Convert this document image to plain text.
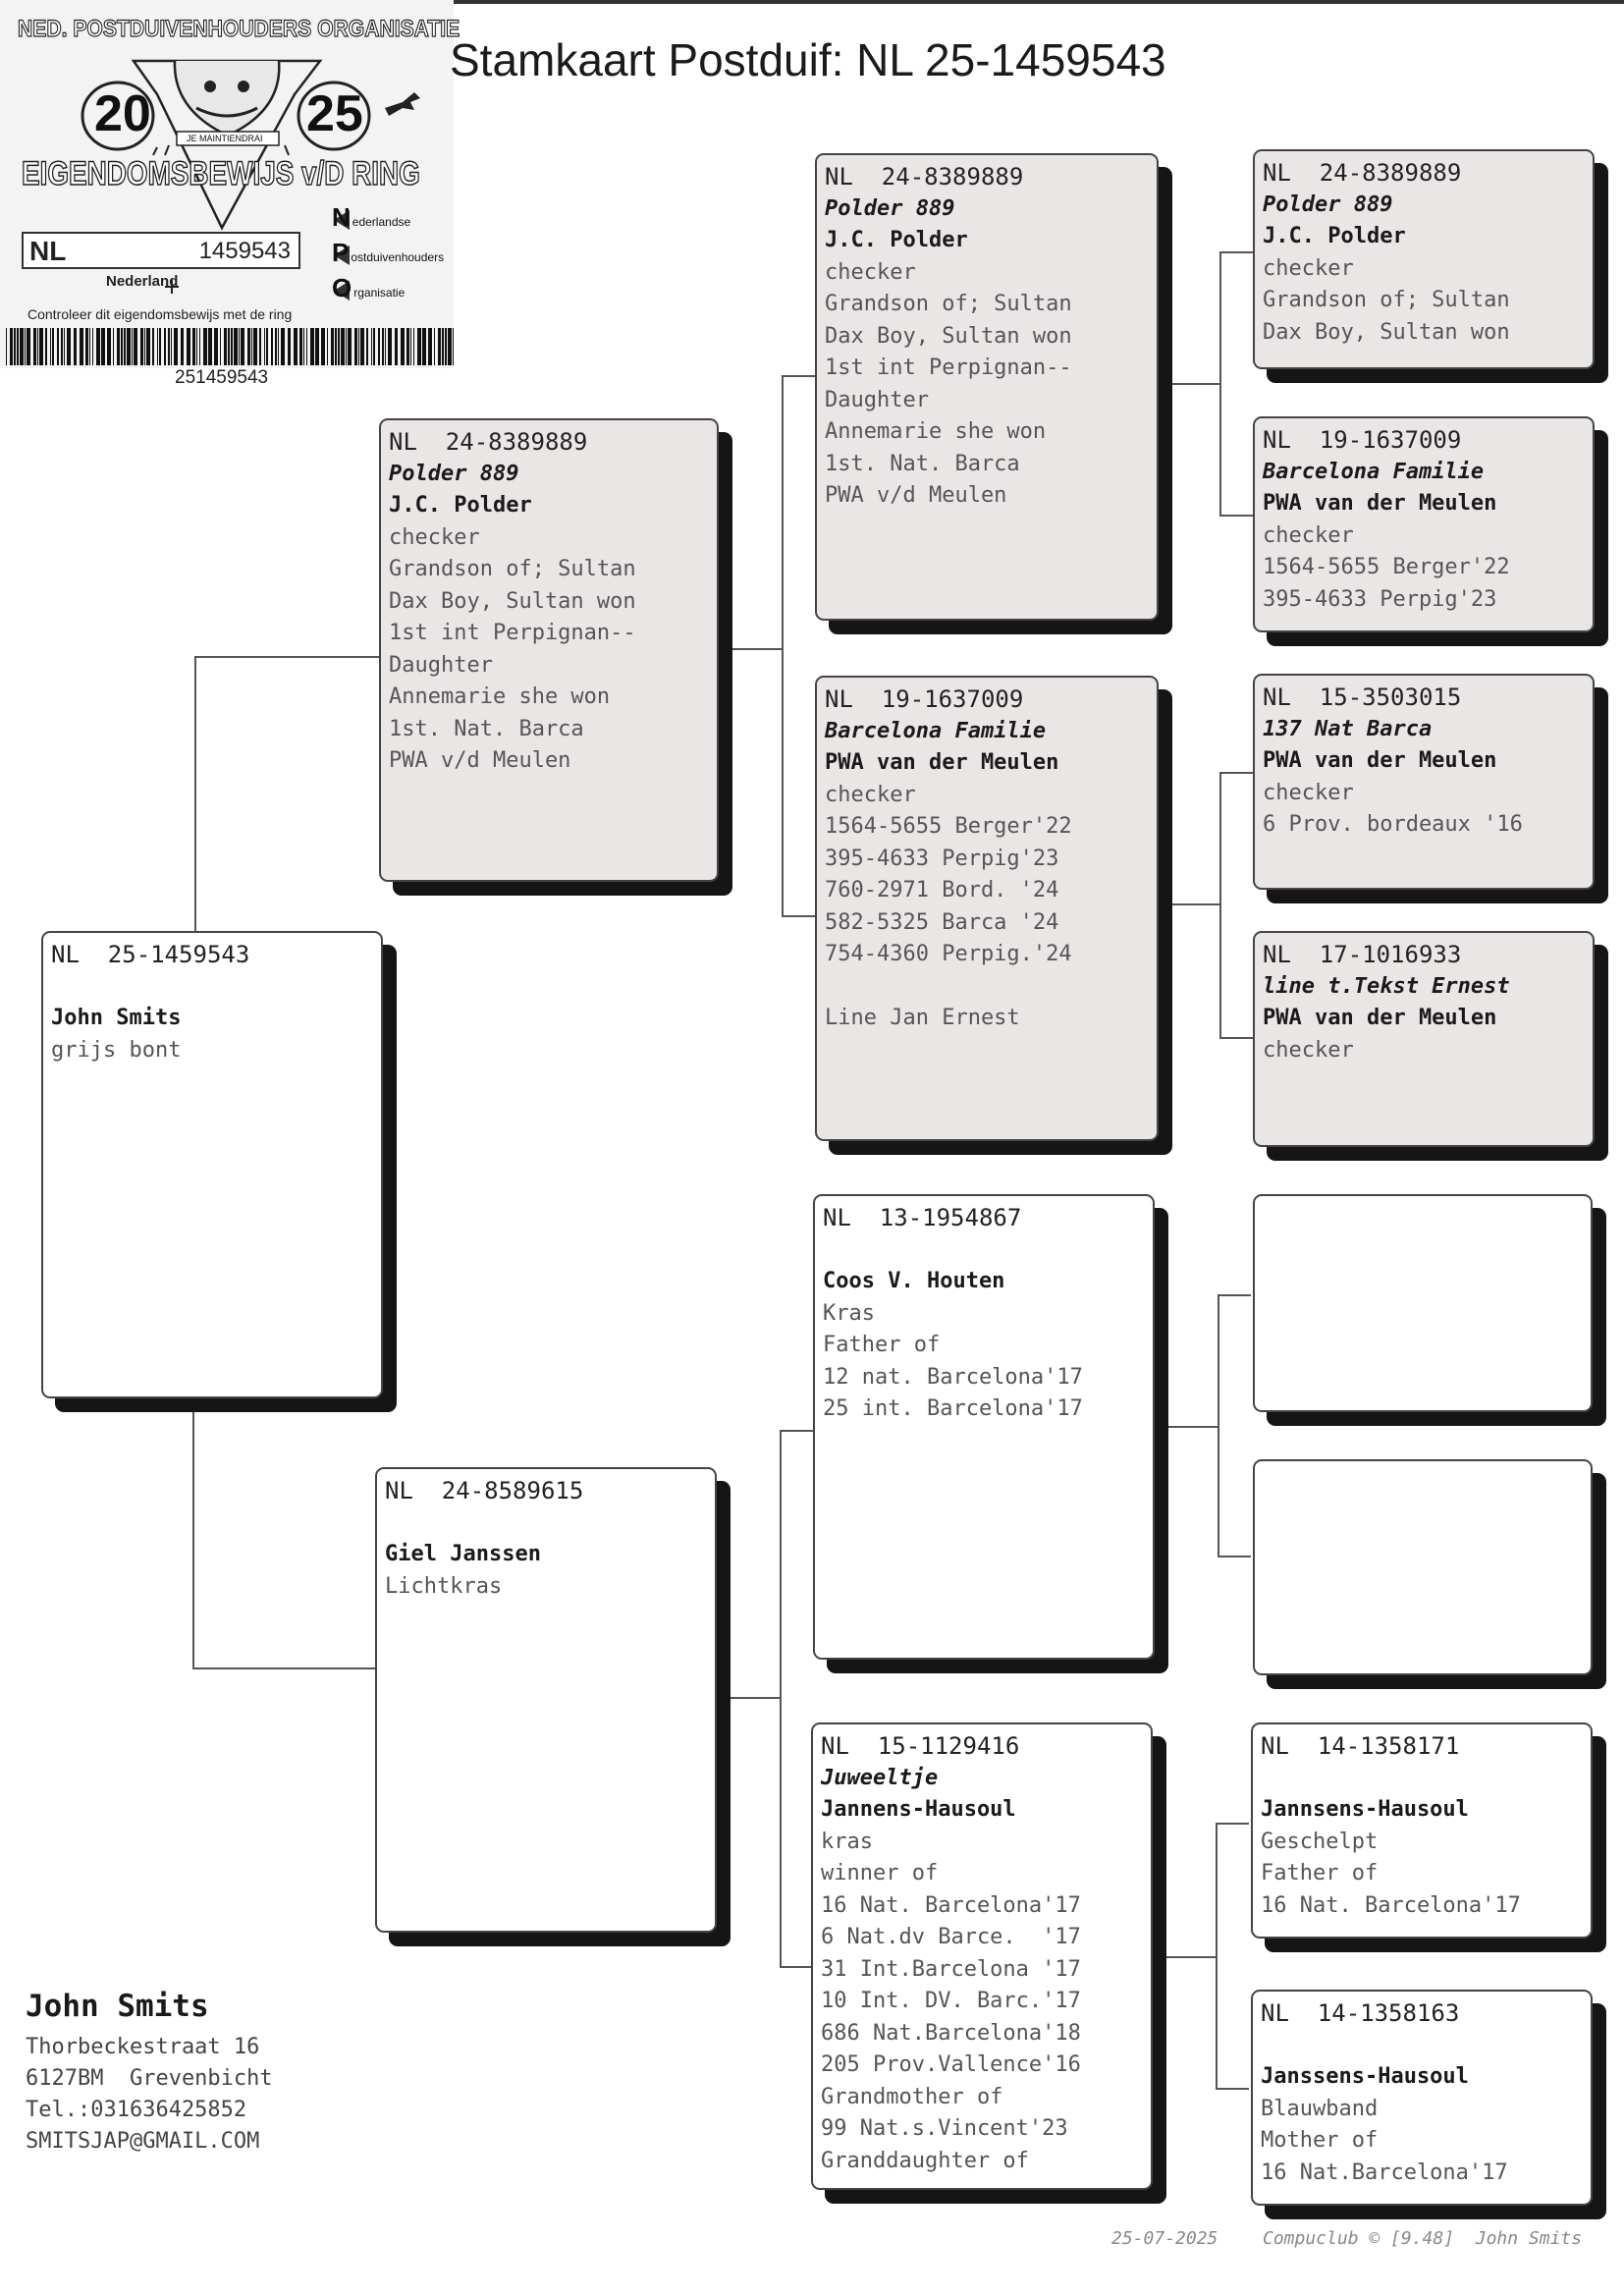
NED. POSTDUIVENHOUDERS ORGANISATIE
20	25
JE MAINTIENDRAI
EIGENDOMSBEWIJS v/D RING
NL	1459543
Nederlandse
Postduivenhouders
Organisatie
Nederland
Controleer dit eigendomsbewijs met de ring
251459543
Stamkaart Postduif: NL 25-1459543
NL  25-1459543

John Smits
grijs bont
NL  24-8389889
Polder 889
J.C. Polder
checker
Grandson of; Sultan
Dax Boy, Sultan won
1st int Perpignan--
Daughter
Annemarie she won
1st. Nat. Barca
PWA v/d Meulen
NL  24-8589615

Giel Janssen
Lichtkras
NL  24-8389889
Polder 889
J.C. Polder
checker
Grandson of; Sultan
Dax Boy, Sultan won
1st int Perpignan--
Daughter
Annemarie she won
1st. Nat. Barca
PWA v/d Meulen
NL  19-1637009
Barcelona Familie
PWA van der Meulen
checker
1564-5655 Berger'22
395-4633 Perpig'23
760-2971 Bord. '24
582-5325 Barca '24
754-4360 Perpig.'24

Line Jan Ernest
NL  13-1954867

Coos V. Houten
Kras
Father of
12 nat. Barcelona'17
25 int. Barcelona'17
NL  15-1129416
Juweeltje
Jannens-Hausoul
kras
winner of
16 Nat. Barcelona'17
6 Nat.dv Barce.  '17
31 Int.Barcelona '17
10 Int. DV. Barc.'17
686 Nat.Barcelona'18
205 Prov.Vallence'16
Grandmother of
99 Nat.s.Vincent'23
Granddaughter of
NL  24-8389889
Polder 889
J.C. Polder
checker
Grandson of; Sultan
Dax Boy, Sultan won
NL  19-1637009
Barcelona Familie
PWA van der Meulen
checker
1564-5655 Berger'22
395-4633 Perpig'23
NL  15-3503015
137 Nat Barca
PWA van der Meulen
checker
6 Prov. bordeaux '16
NL  17-1016933
line t.Tekst Ernest
PWA van der Meulen
checker
NL  14-1358171

Jannsens-Hausoul
Geschelpt
Father of
16 Nat. Barcelona'17
NL  14-1358163

Janssens-Hausoul
Blauwband
Mother of
16 Nat.Barcelona'17
John Smits
Thorbeckestraat 16
6127BM  Grevenbicht
Tel.:031636425852
SMITSJAP@GMAIL.COM
25-07-2025	Compuclub © [9.48]  John Smits
